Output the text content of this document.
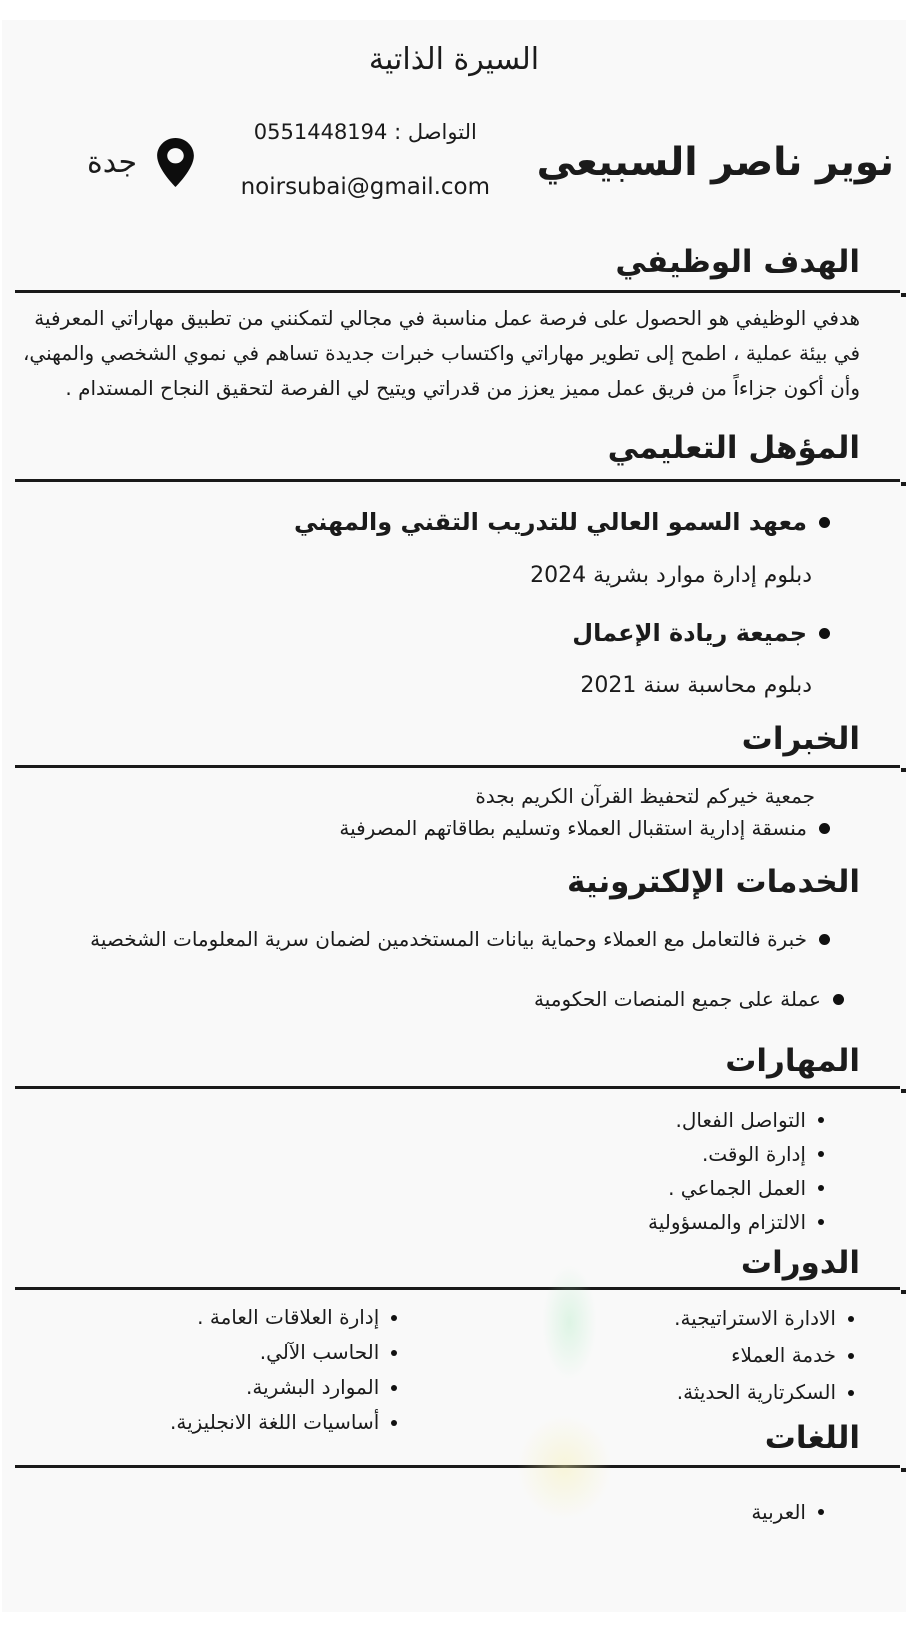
السيرة الذاتية
نوير ناصر السبيعي
التواصل : 0551448194
noirsubai@gmail.com
جدة
الهدف الوظيفي
هدفي الوظيفي هو الحصول على فرصة عمل مناسبة في مجالي لتمكنني من تطبيق مهاراتي المعرفية
في بيئة عملية ، اطمح إلى تطوير مهاراتي واكتساب خبرات جديدة تساهم في نموي الشخصي والمهني،
وأن أكون جزاءاً من فريق عمل مميز يعزز من قدراتي ويتيح لي الفرصة لتحقيق النجاح المستدام .
المؤهل التعليمي
معهد السمو العالي للتدريب التقني والمهني
دبلوم إدارة موارد بشرية 2024
جميعة ريادة الإعمال
دبلوم محاسبة سنة 2021
الخبرات
جمعية خيركم لتحفيظ القرآن الكريم بجدة
منسقة إدارية استقبال العملاء وتسليم بطاقاتهم المصرفية
الخدمات الإلكترونية
خبرة فالتعامل مع العملاء وحماية بيانات المستخدمين لضمان سرية المعلومات الشخصية
عملة على جميع المنصات الحكومية
المهارات
التواصل الفعال.
إدارة الوقت.
العمل الجماعي .
الالتزام والمسؤولية
الدورات
الادارة الاستراتيجية.
خدمة العملاء
السكرتارية الحديثة.
إدارة العلاقات العامة .
الحاسب الآلي.
الموارد البشرية.
أساسيات اللغة الانجليزية.	اللغات
العربية
